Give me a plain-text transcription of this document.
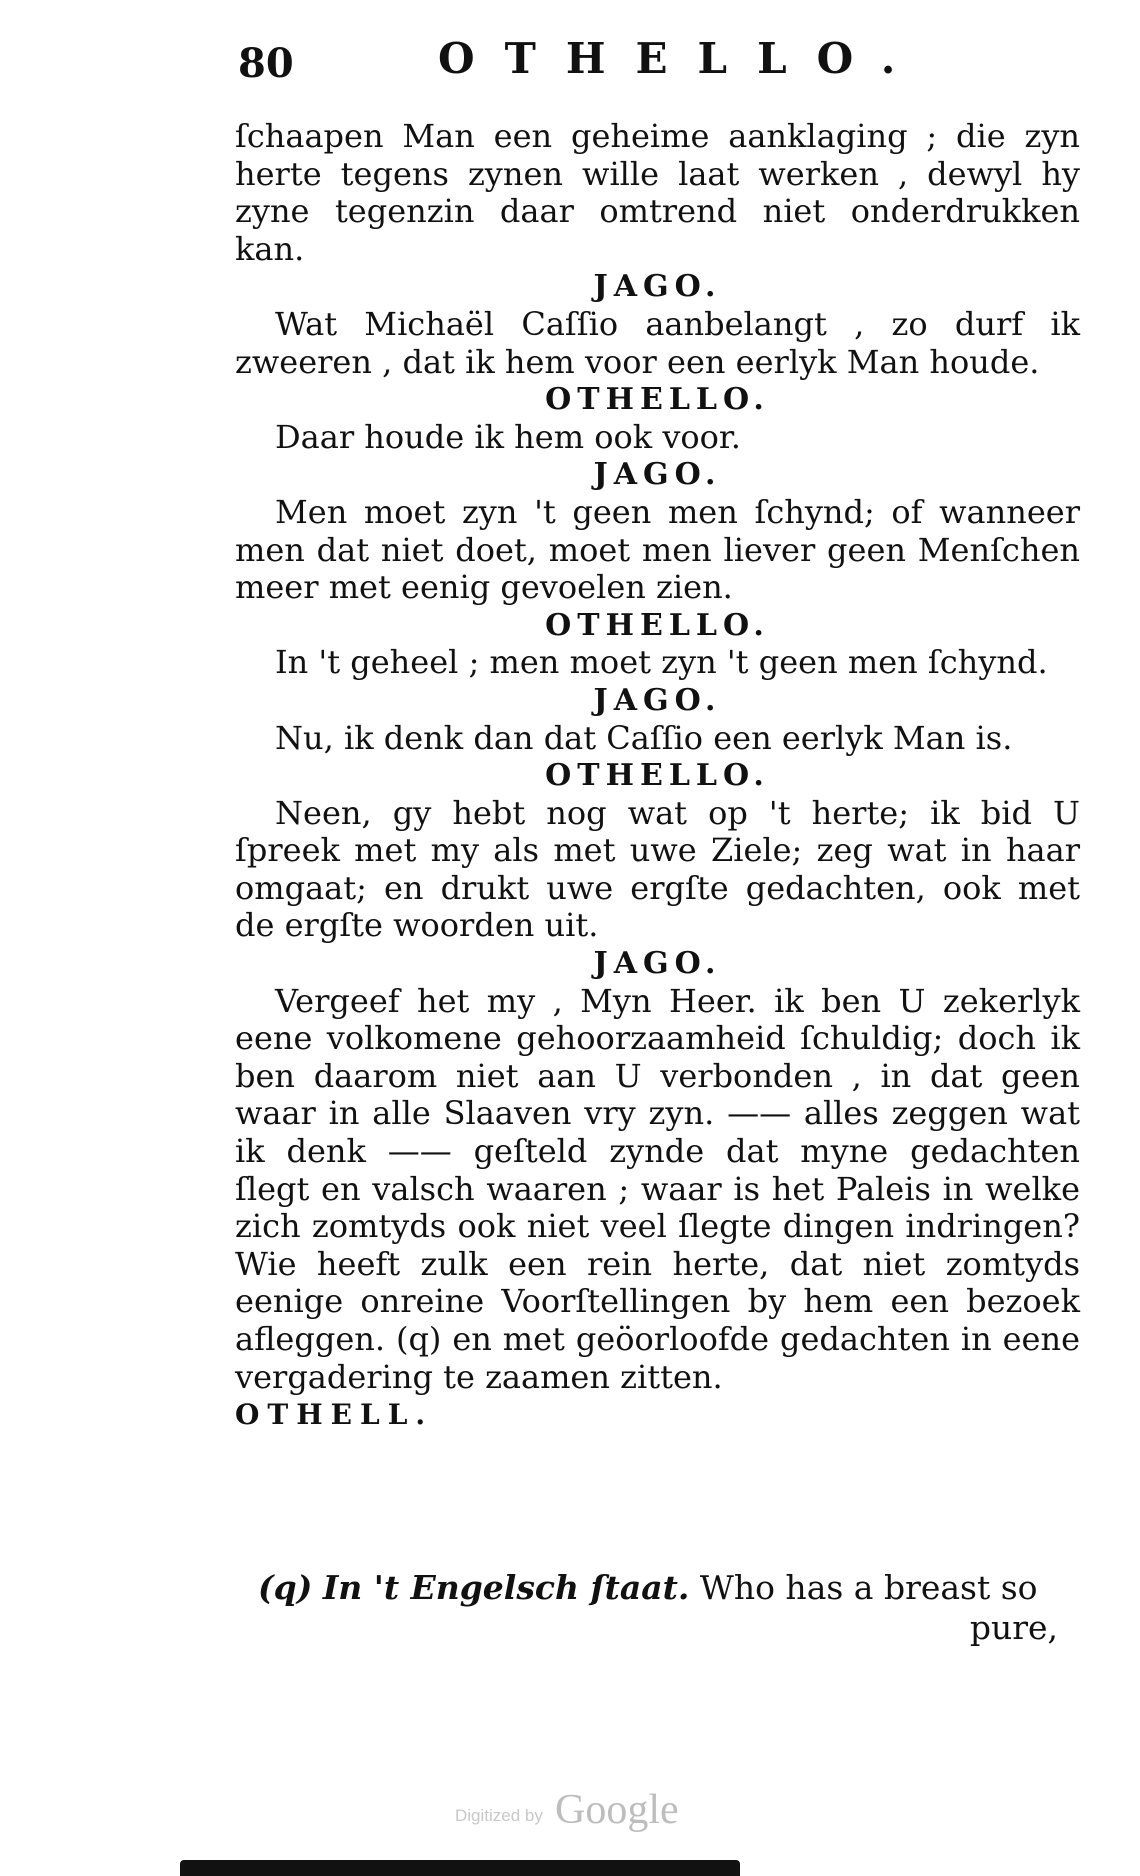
80	OTHELLO.

ſchaapen Man een geheime aanklaging ; die zyn herte tegens zynen wille laat werken , dewyl hy zyne tegenzin daar omtrend niet onderdrukken kan.

JAGO.

Wat Michaël Caſſio aanbelangt , zo durf ik zweeren , dat ik hem voor een eerlyk Man houde.

OTHELLO.

Daar houde ik hem ook voor.

JAGO.

Men moet zyn 't geen men ſchynd; of wanneer men dat niet doet, moet men liever geen Menſchen meer met eenig gevoelen zien.

OTHELLO.

In 't geheel ; men moet zyn 't geen men ſchynd.

JAGO.

Nu, ik denk dan dat Caſſio een eerlyk Man is.

OTHELLO.

Neen, gy hebt nog wat op 't herte; ik bid U ſpreek met my als met uwe Ziele; zeg wat in haar omgaat; en drukt uwe ergſte gedachten, ook met de ergſte woorden uit.

JAGO.

Vergeef het my , Myn Heer. ik ben U zekerlyk eene volkomene gehoorzaamheid ſchuldig; doch ik ben daarom niet aan U verbonden , in dat geen waar in alle Slaaven vry zyn. —— alles zeggen wat ik denk —— geſteld zynde dat myne gedachten ſlegt en valsch waaren ; waar is het Paleis in welke zich zomtyds ook niet veel ſlegte dingen indringen? Wie heeft zulk een rein herte, dat niet zomtyds eenige onreine Voorſtellingen by hem een bezoek afleggen. (q) en met geöorloofde gedachten in eene vergadering te zaamen zitten.

OTHELL.

(q) In 't Engelsch ſtaat. Who has a breast so
pure,
Digitized by Google
